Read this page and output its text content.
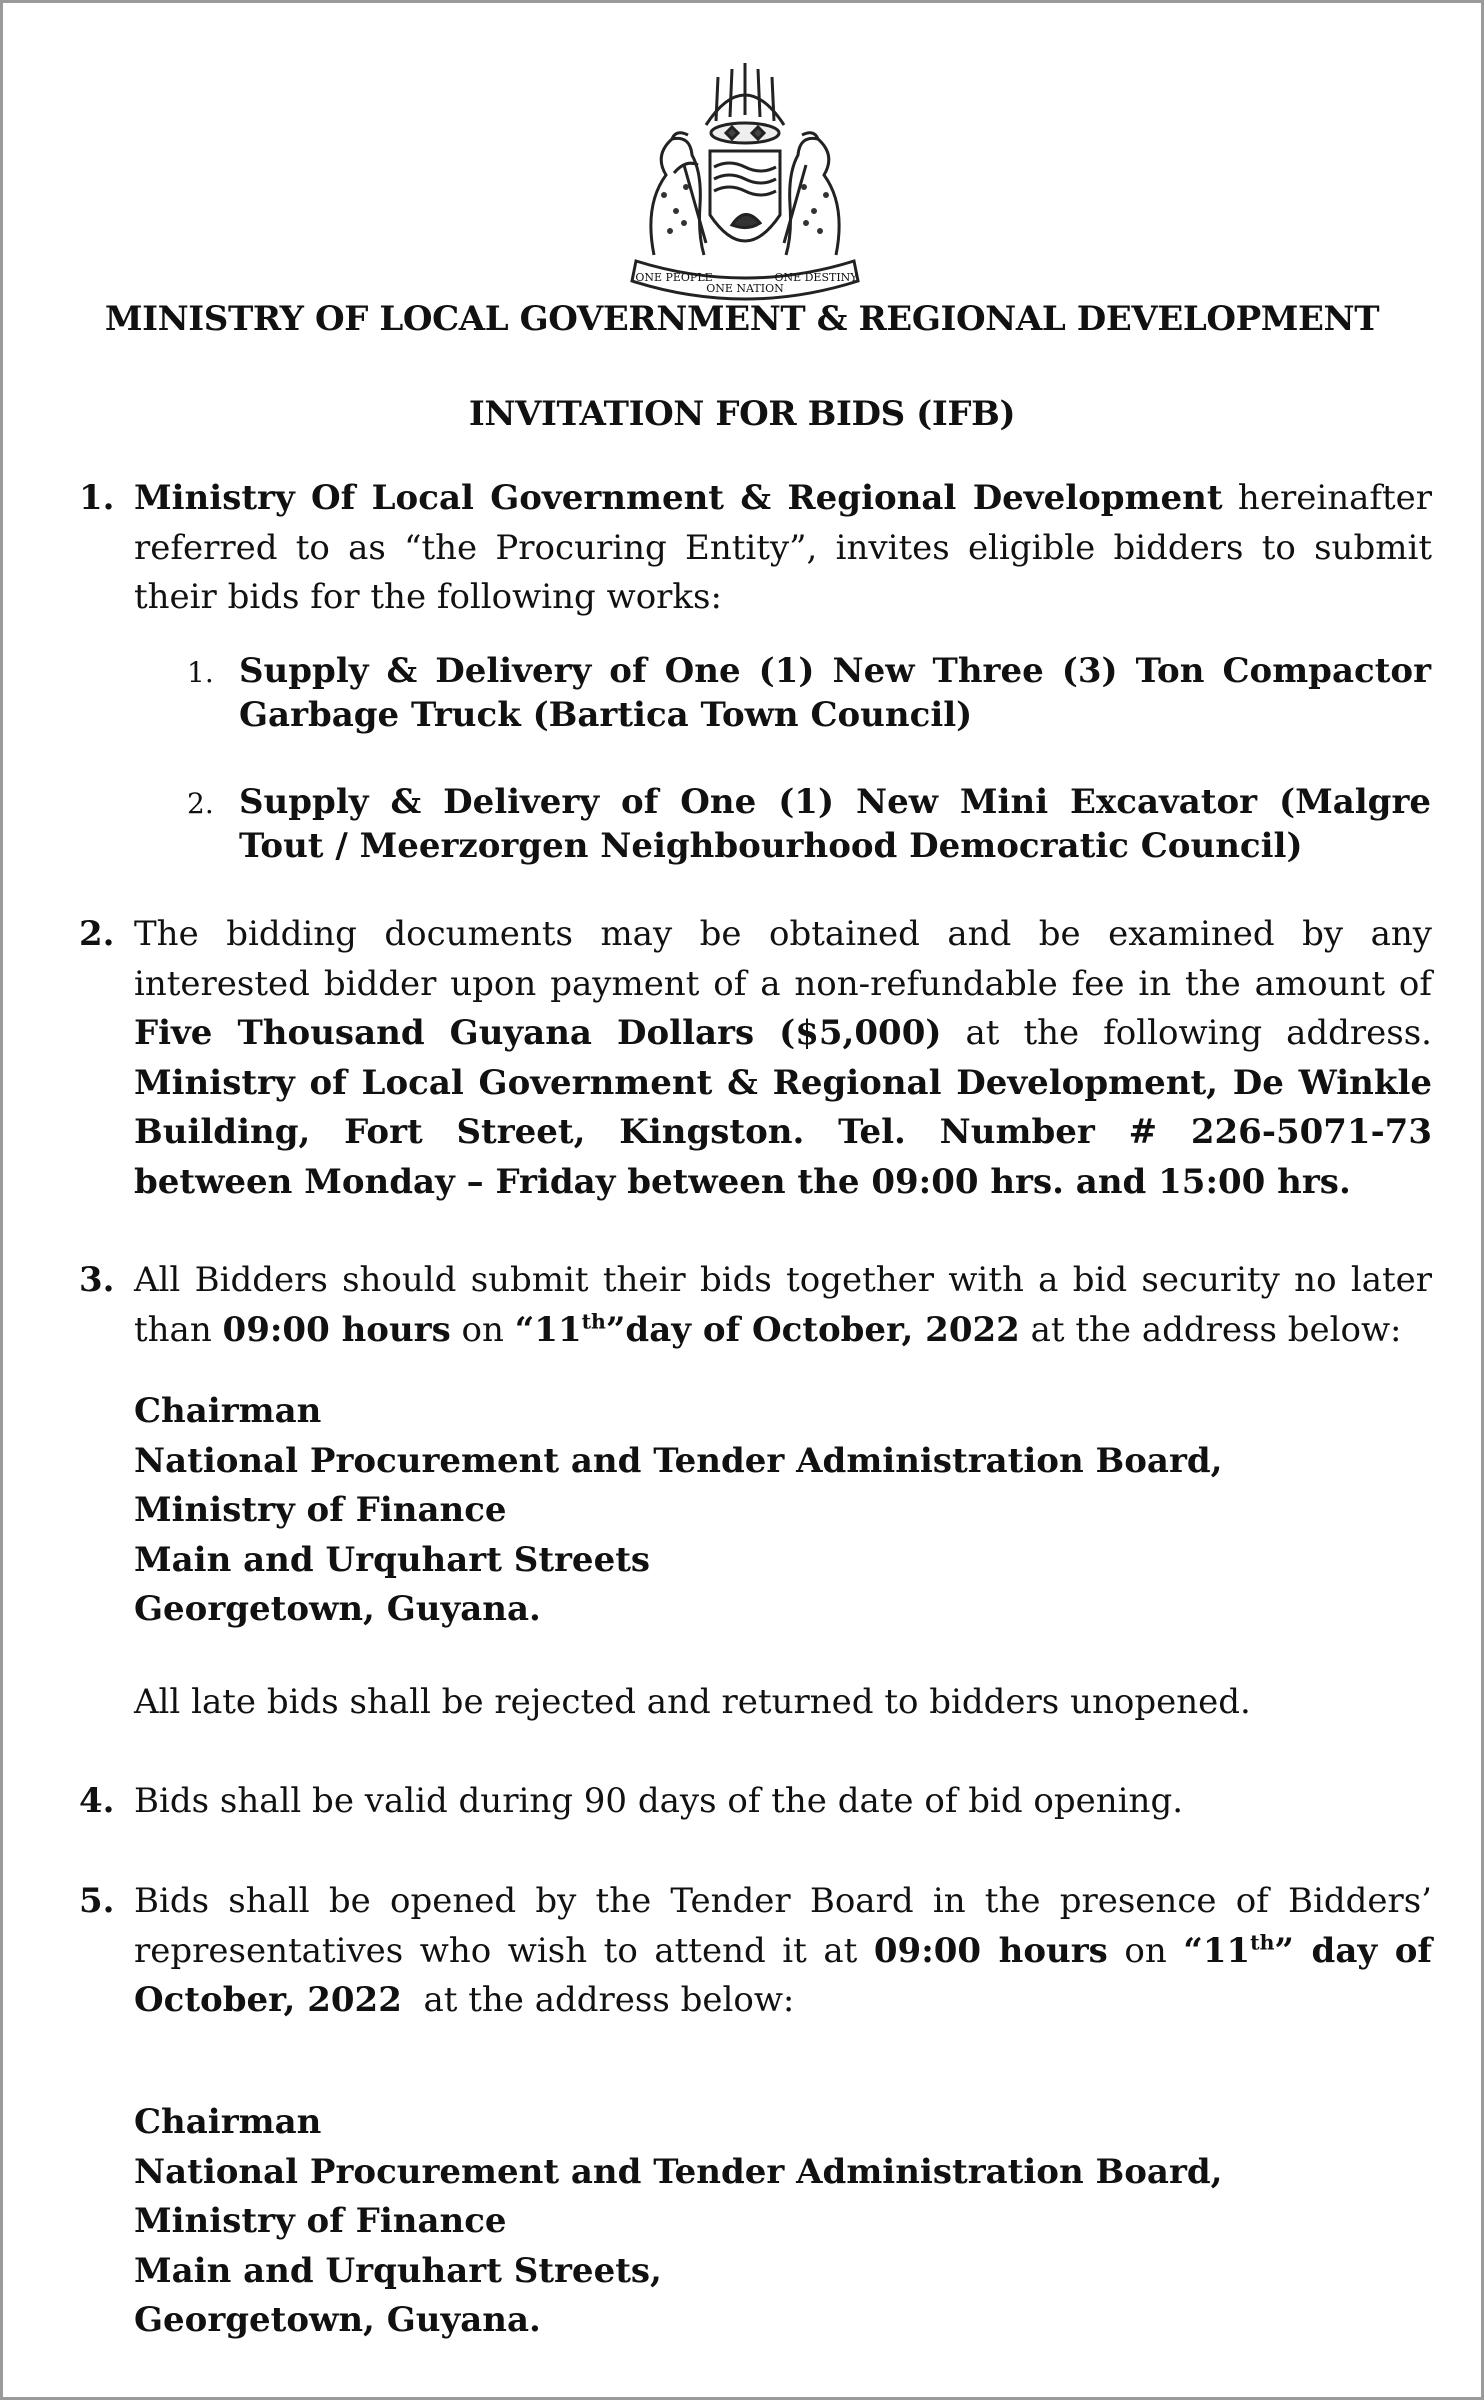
ONE PEOPLE
ONE NATION
ONE DESTINY
MINISTRY OF LOCAL GOVERNMENT & REGIONAL DEVELOPMENT
INVITATION FOR BIDS (IFB)
1. Ministry Of Local Government & Regional Development hereinafter referred to as “the Procuring Entity”, invites eligible bidders to submit their bids for the following works:
1. Supply & Delivery of One (1) New Three (3) Ton Compactor Garbage Truck (Bartica Town Council)
2. Supply & Delivery of One (1) New Mini Excavator (Malgre Tout / Meerzorgen Neighbourhood Democratic Council)
2. The bidding documents may be obtained and be examined by any interested bidder upon payment of a non-refundable fee in the amount of Five Thousand Guyana Dollars ($5,000) at the following address. Ministry of Local Government & Regional Development, De Winkle Building, Fort Street, Kingston. Tel. Number # 226-5071-73 between Monday – Friday between the 09:00 hrs. and 15:00 hrs.
3. All Bidders should submit their bids together with a bid security no later than 09:00 hours on “11th”day of October, 2022 at the address below:
Chairman
National Procurement and Tender Administration Board,
Ministry of Finance
Main and Urquhart Streets
Georgetown, Guyana.
All late bids shall be rejected and returned to bidders unopened.
4. Bids shall be valid during 90 days of the date of bid opening.
5. Bids shall be opened by the Tender Board in the presence of Bidders’ representatives who wish to attend it at 09:00 hours on “11th” day of October, 2022  at the address below:
Chairman
National Procurement and Tender Administration Board,
Ministry of Finance
Main and Urquhart Streets,
Georgetown, Guyana.
